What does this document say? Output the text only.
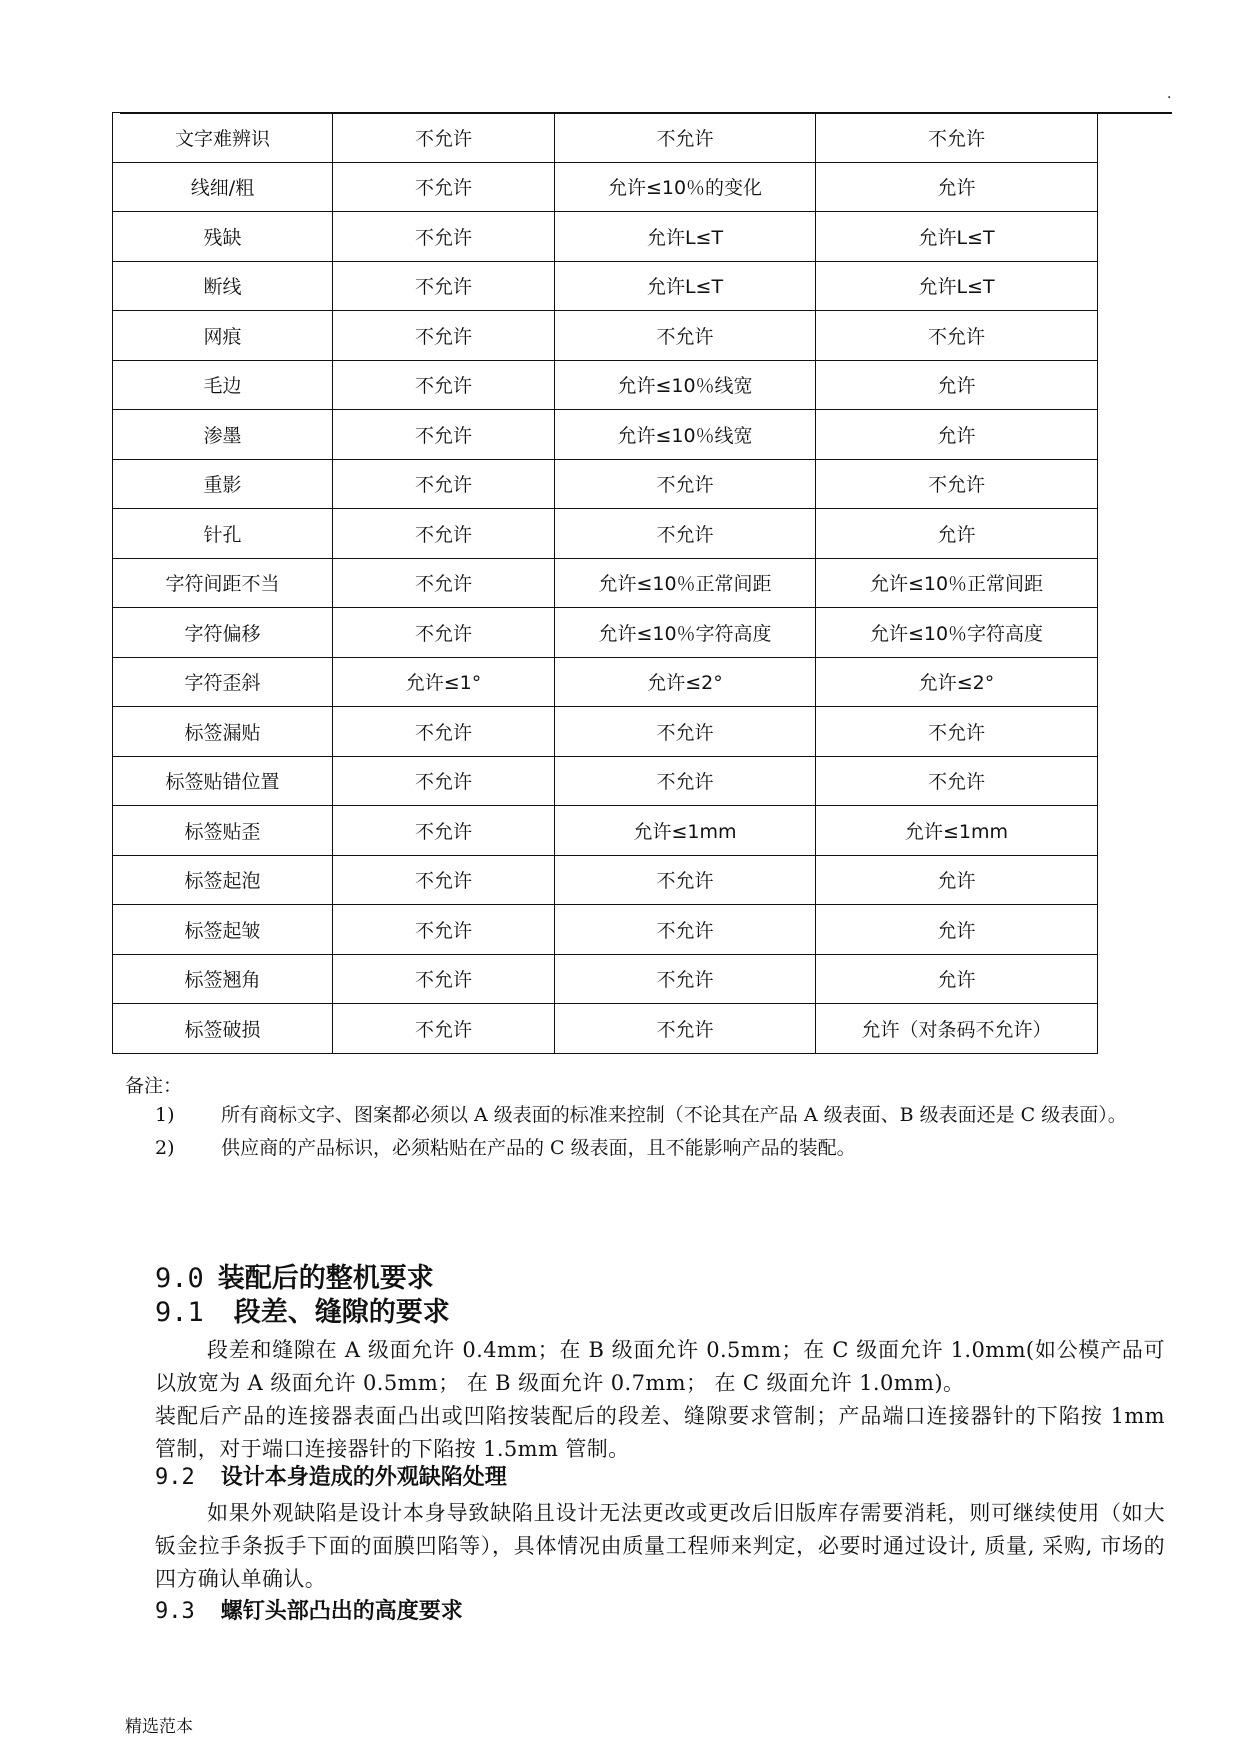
.
文字难辨识	不允许	不允许	不允许

线细/粗	不允许	允许≤10％的变化	允许

残缺	不允许	允许L≤T	允许L≤T

断线	不允许	允许L≤T	允许L≤T

网痕	不允许	不允许	不允许

毛边	不允许	允许≤10％线宽	允许

渗墨	不允许	允许≤10％线宽	允许

重影	不允许	不允许	不允许

针孔	不允许	不允许	允许

字符间距不当	不允许	允许≤10％正常间距	允许≤10％正常间距

字符偏移	不允许	允许≤10％字符高度	允许≤10％字符高度

字符歪斜	允许≤1°	允许≤2°	允许≤2°

标签漏贴	不允许	不允许	不允许

标签贴错位置	不允许	不允许	不允许

标签贴歪	不允许	允许≤1mm	允许≤1mm

标签起泡	不允许	不允许	允许

标签起皱	不允许	不允许	允许

标签翘角	不允许	不允许	允许

标签破损	不允许	不允许	允许（对条码不允许）

备注：

1) 所有商标文字、图案都必须以 A 级表面的标准来控制（不论其在产品 A 级表面、B 级表面还是 C 级表面）。

2) 供应商的产品标识，必须粘贴在产品的 C 级表面，且不能影响产品的装配。

9.0 装配后的整机要求

9.1 段差、缝隙的要求

段差和缝隙在 A 级面允许 0.4mm；在 B 级面允许 0.5mm；在 C 级面允许 1.0mm(如公模产品可以放宽为 A 级面允许 0.5mm； 在 B 级面允许 0.7mm； 在 C 级面允许 1.0mm)。

装配后产品的连接器表面凸出或凹陷按装配后的段差、缝隙要求管制；产品端口连接器针的下陷按 1mm 管制，对于端口连接器针的下陷按 1.5mm 管制。

9.2 设计本身造成的外观缺陷处理

如果外观缺陷是设计本身导致缺陷且设计无法更改或更改后旧版库存需要消耗，则可继续使用（如大钣金拉手条扳手下面的面膜凹陷等），具体情况由质量工程师来判定，必要时通过设计, 质量, 采购, 市场的四方确认单确认。

9.3 螺钉头部凸出的高度要求

精选范本
